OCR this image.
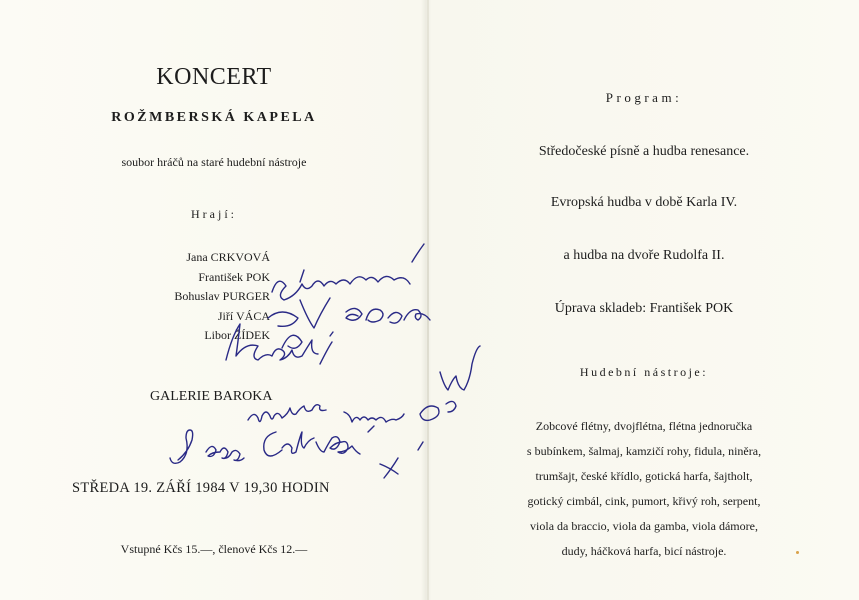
KONCERT
ROŽMBERSKÁ KAPELA
soubor hráčů na staré hudební nástroje
Hrají:
Jana CRKVOVÁ
František POK
Bohuslav PURGER
Jiří VÁCA
Libor ŽÍDEK
GALERIE BAROKA
STŘEDA 19. ZÁŘÍ 1984 V 19,30 HODIN
Vstupné Kčs 15.—, členové Kčs 12.—
Program:
Středočeské písně a hudba renesance.
Evropská hudba v době Karla IV.
a hudba na dvoře Rudolfa II.
Úprava skladeb: František POK
Hudební nástroje:
Zobcové flétny, dvojflétna, flétna jednoručka
s bubínkem, šalmaj, kamzičí rohy, fidula, niněra,
trumšajt, české křídlo, gotická harfa, šajtholt,
gotický cimbál, cink, pumort, křivý roh, serpent,
viola da braccio, viola da gamba, viola dámore,
dudy, háčková harfa, bicí nástroje.
